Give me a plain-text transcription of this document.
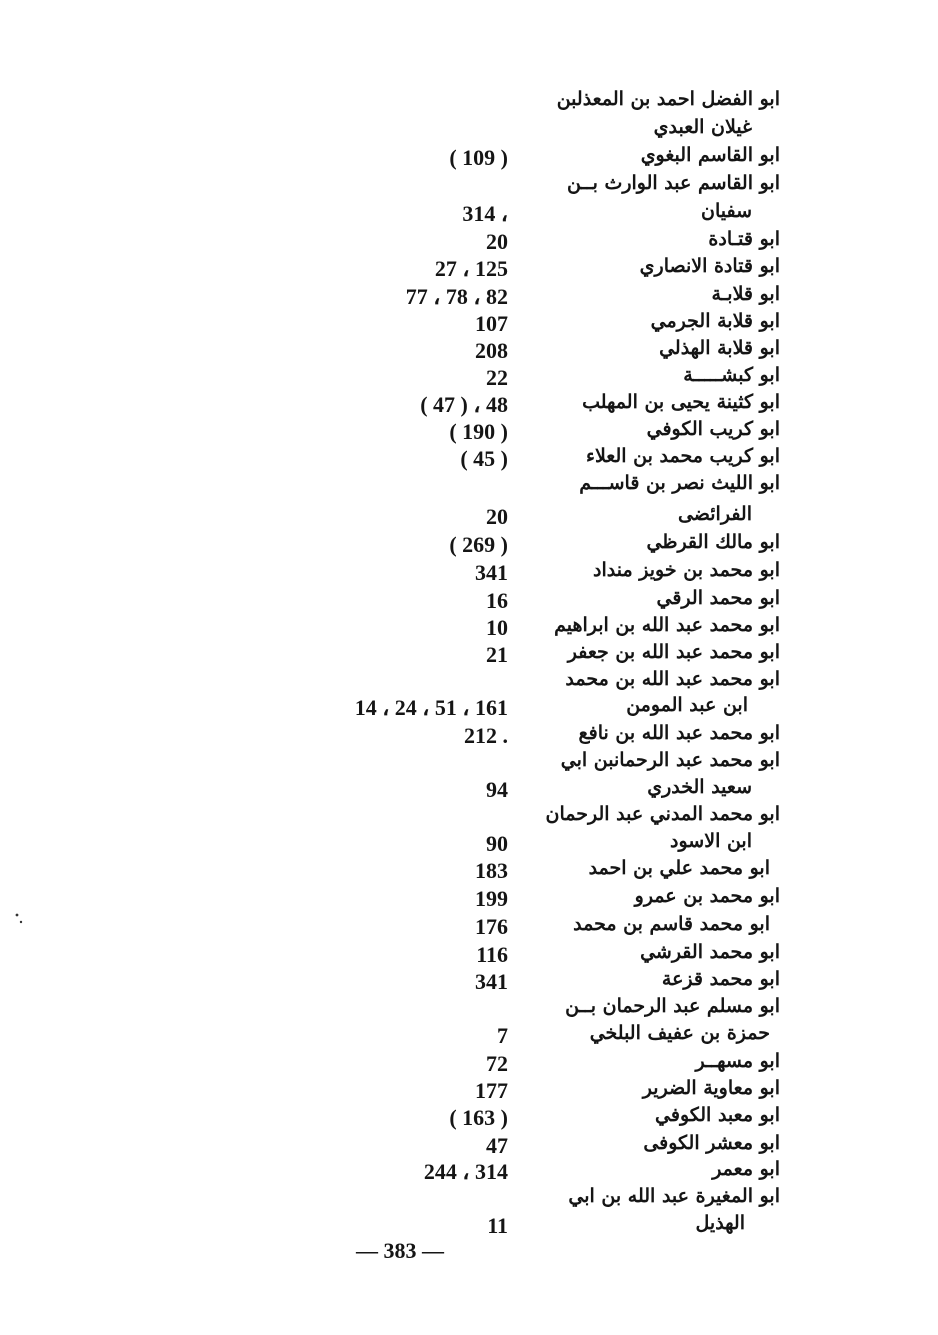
ابو الفضل احمد بن المعذلبن
غيلان العبدي
ابو القاسم البغوي
( 109 )
ابو القاسم عبد الوارث بــن
سفيان
314 ،
ابو قتـادة
20
ابو قتادة الانصاري
27 ، 125
ابو قلابـة
77 ، 78 ، 82
ابو قلابة الجرمي
107
ابو قلابة الهذلي
208
ابو كبشـــــة
22
ابو كثينة يحيى بن المهلب
( 47 ) ، 48
ابو كريب الكوفي
( 190 )
ابو كريب محمد بن العلاء
( 45 )
ابو الليث نصر بن قاســـم
الفرائضى
20
ابو مالك القرظي
( 269 )
ابو محمد بن خويز منداد
341
ابو محمد الرقي
16
ابو محمد عبد الله بن ابراهيم
10
ابو محمد عبد الله بن جعفر
21
ابو محمد عبد الله بن محمد
ابن عبد المومن
14 ، 24 ، 51 ، 161
ابو محمد عبد الله بن نافع
212 .
ابو محمد عبد الرحمانبن ابي
سعيد الخدري
94
ابو محمد المدني عبد الرحمان
ابن الاسود
90
ابو محمد علي بن احمد
183
ابو محمد بن عمرو
199
ابو محمد قاسم بن محمد
176
ابو محمد القرشي
116
ابو محمد قزعة
341
ابو مسلم عبد الرحمان بــن
حمزة بن عفيف البلخي
7
ابو مسهــر
72
ابو معاوية الضرير
177
ابو معبد الكوفي
( 163 )
ابو معشر الكوفى
47
ابو معمر
244 ، 314
ابو المغيرة عبد الله بن ابي
الهذيل
11
— 383 —
